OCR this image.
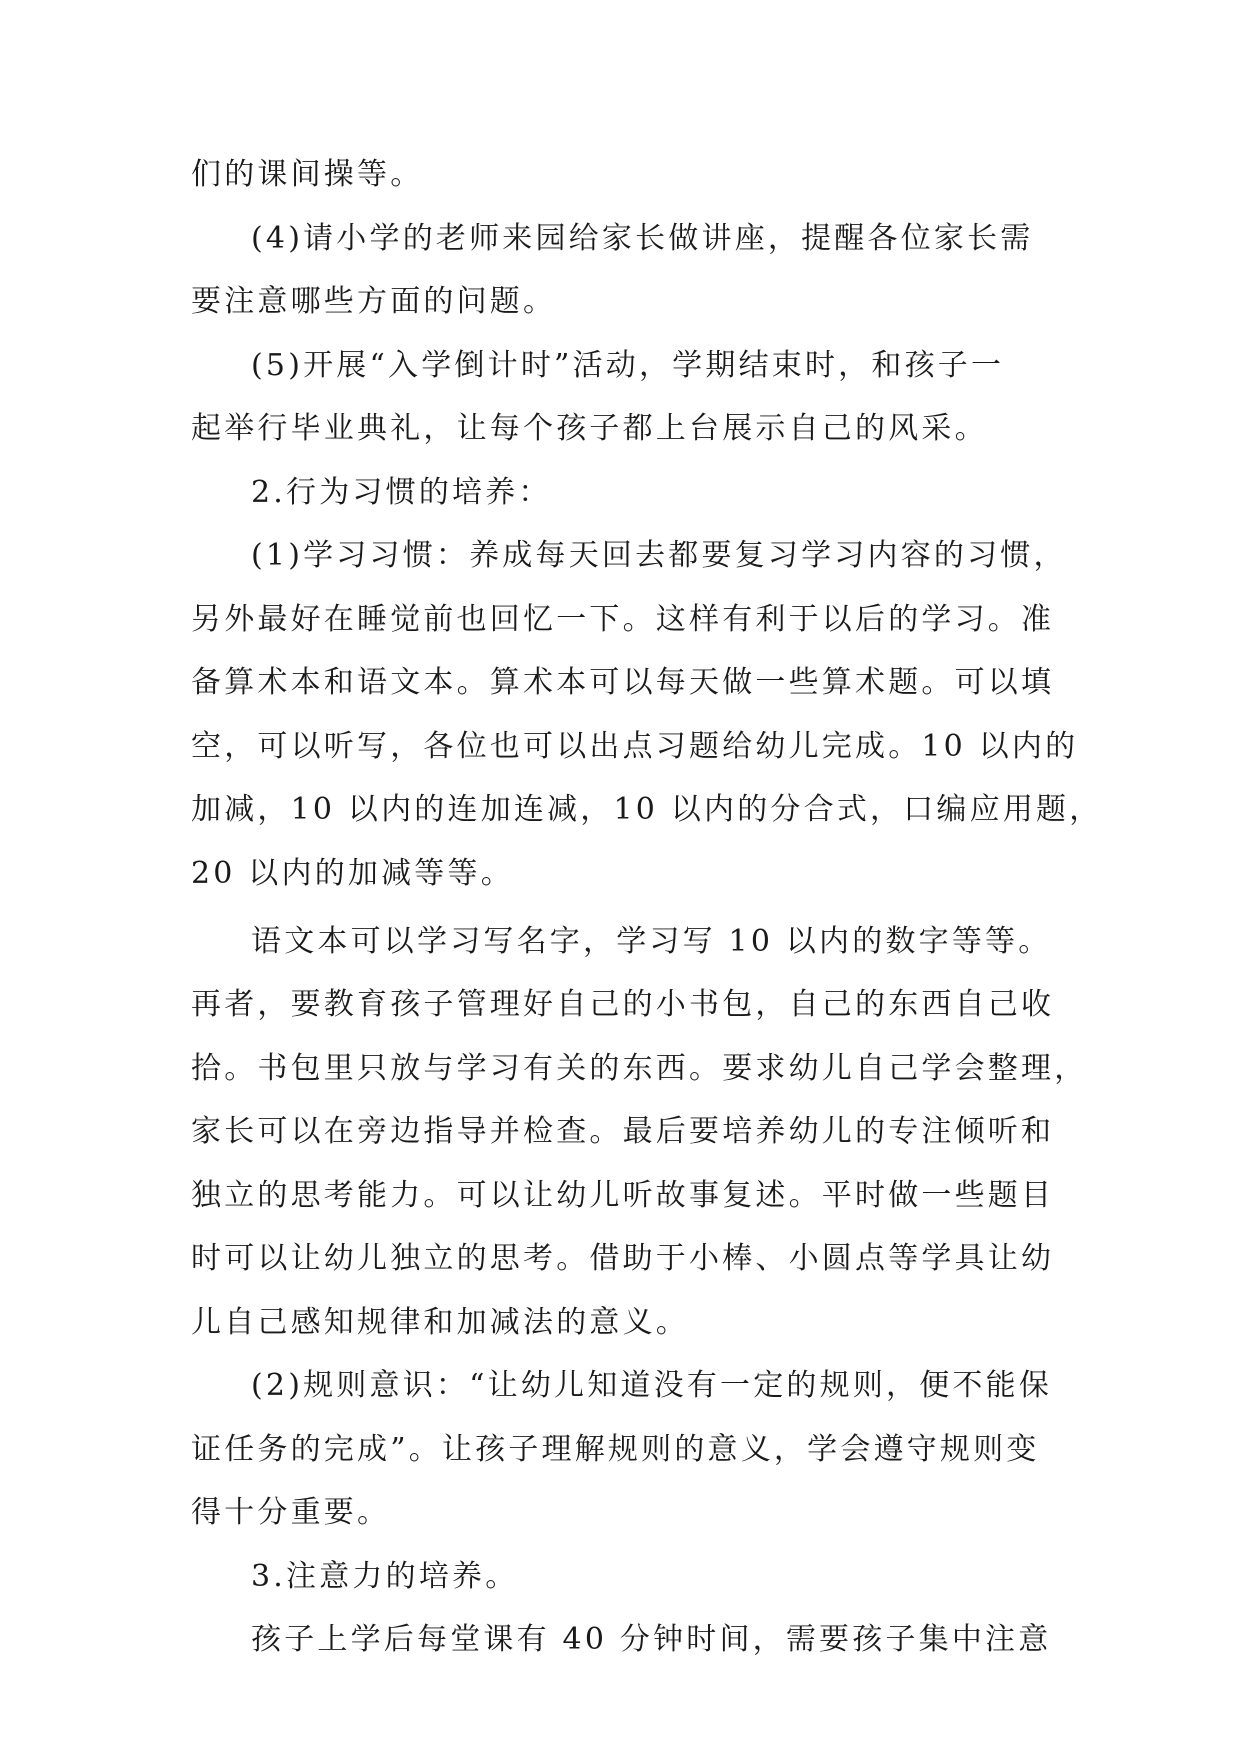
们的课间操等。

(4)请小学的老师来园给家长做讲座，提醒各位家长需

要注意哪些方面的问题。

(5)开展“入学倒计时”活动，学期结束时，和孩子一

起举行毕业典礼，让每个孩子都上台展示自己的风采。

2.行为习惯的培养：

(1)学习习惯：养成每天回去都要复习学习内容的习惯，

另外最好在睡觉前也回忆一下。这样有利于以后的学习。准

备算术本和语文本。算术本可以每天做一些算术题。可以填

空，可以听写，各位也可以出点习题给幼儿完成。10 以内的

加减，10 以内的连加连减，10 以内的分合式，口编应用题，

20 以内的加减等等。

语文本可以学习写名字，学习写 10 以内的数字等等。

再者，要教育孩子管理好自己的小书包，自己的东西自己收

拾。书包里只放与学习有关的东西。要求幼儿自己学会整理，

家长可以在旁边指导并检查。最后要培养幼儿的专注倾听和

独立的思考能力。可以让幼儿听故事复述。平时做一些题目

时可以让幼儿独立的思考。借助于小棒、小圆点等学具让幼

儿自己感知规律和加减法的意义。

(2)规则意识：“让幼儿知道没有一定的规则，便不能保

证任务的完成”。让孩子理解规则的意义，学会遵守规则变

得十分重要。

3.注意力的培养。

孩子上学后每堂课有 40 分钟时间，需要孩子集中注意
